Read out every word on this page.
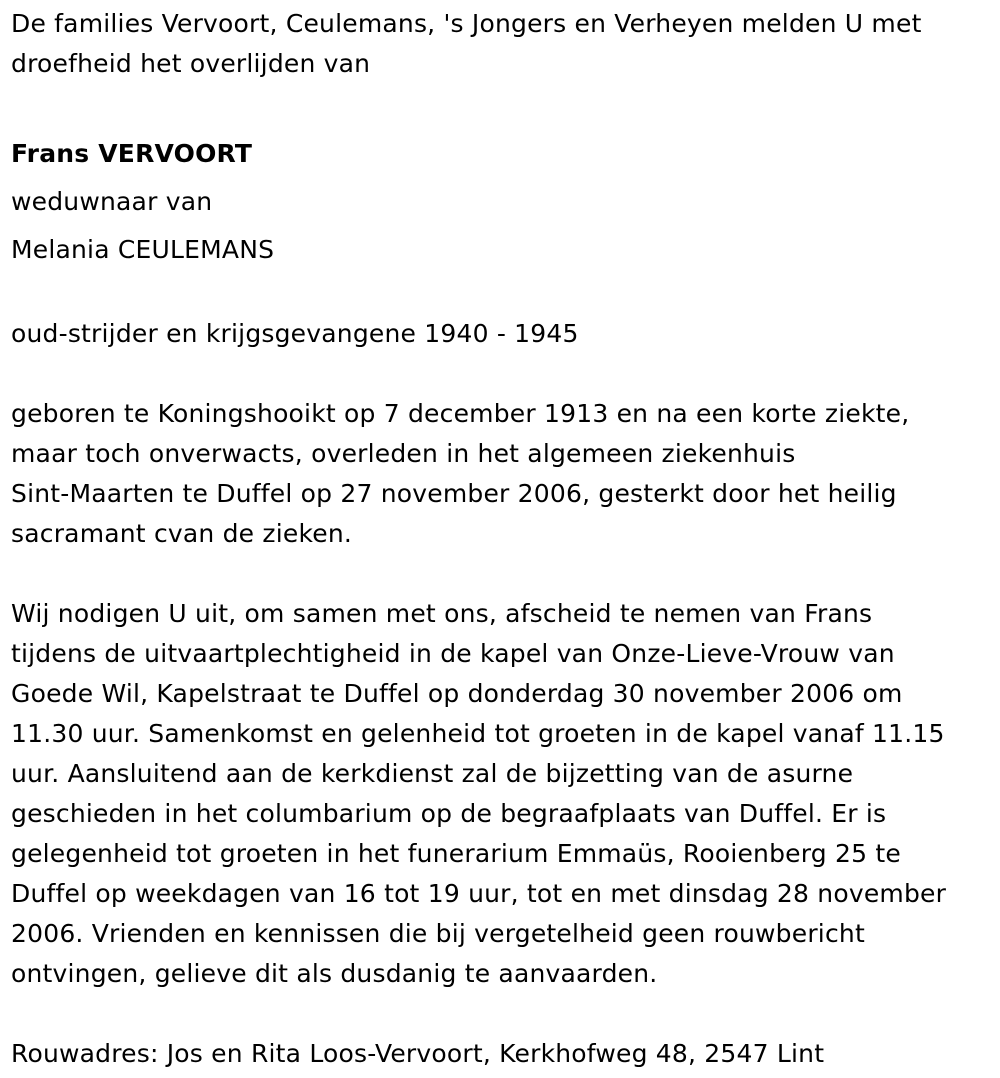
De families Vervoort, Ceulemans, 's Jongers en Verheyen melden U met
droefheid het overlijden van

Frans VERVOORT

weduwnaar van

Melania CEULEMANS

oud-strijder en krijgsgevangene 1940 - 1945

geboren te Koningshooikt op 7 december 1913 en na een korte ziekte,
maar toch onverwacts, overleden in het algemeen ziekenhuis
Sint-Maarten te Duffel op 27 november 2006, gesterkt door het heilig
sacramant cvan de zieken.

Wij nodigen U uit, om samen met ons, afscheid te nemen van Frans
tijdens de uitvaartplechtigheid in de kapel van Onze-Lieve-Vrouw van
Goede Wil, Kapelstraat te Duffel op donderdag 30 november 2006 om
11.30 uur. Samenkomst en gelenheid tot groeten in de kapel vanaf 11.15
uur. Aansluitend aan de kerkdienst zal de bijzetting van de asurne
geschieden in het columbarium op de begraafplaats van Duffel. Er is
gelegenheid tot groeten in het funerarium Emmaüs, Rooienberg 25 te
Duffel op weekdagen van 16 tot 19 uur, tot en met dinsdag 28 november
2006. Vrienden en kennissen die bij vergetelheid geen rouwbericht
ontvingen, gelieve dit als dusdanig te aanvaarden.

Rouwadres: Jos en Rita Loos-Vervoort, Kerkhofweg 48, 2547 Lint
